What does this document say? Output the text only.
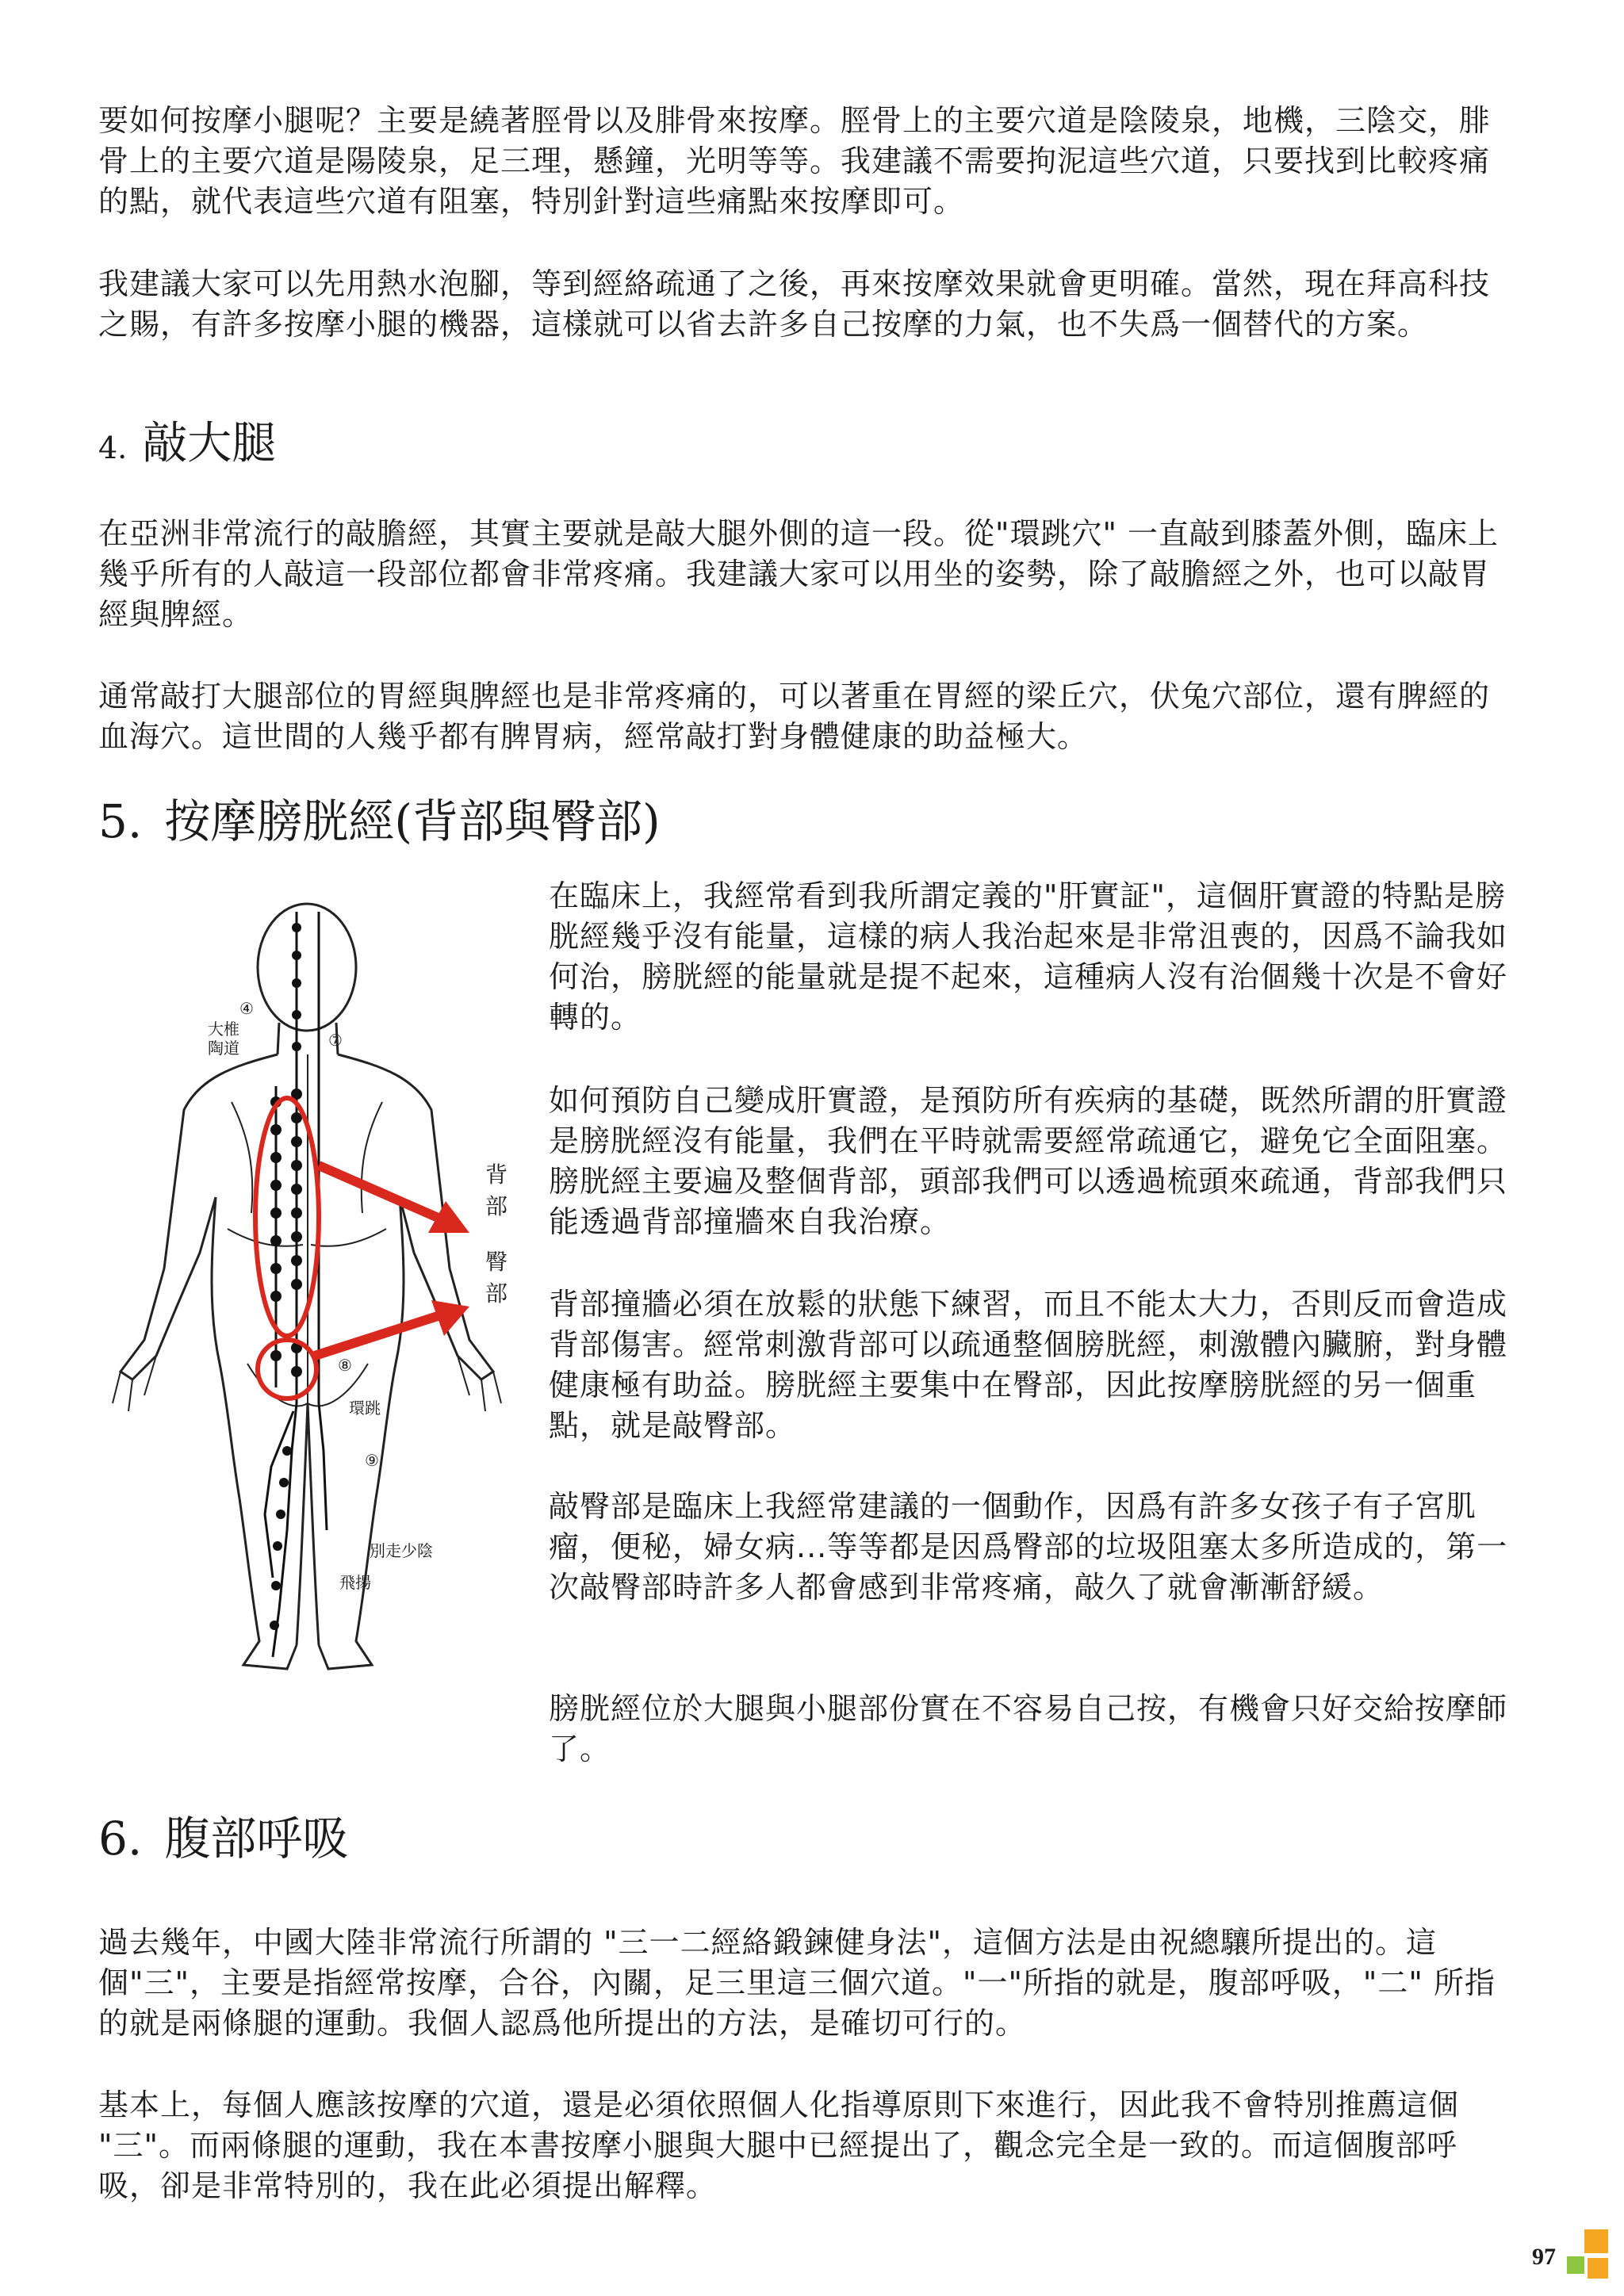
要如何按摩小腿呢？主要是繞著脛骨以及腓骨來按摩。脛骨上的主要穴道是陰陵泉，地機，三陰交，腓骨上的主要穴道是陽陵泉，足三理，懸鐘，光明等等。我建議不需要拘泥這些穴道，只要找到比較疼痛的點，就代表這些穴道有阻塞，特別針對這些痛點來按摩即可。

我建議大家可以先用熱水泡腳，等到經絡疏通了之後，再來按摩效果就會更明確。當然，現在拜高科技之賜，有許多按摩小腿的機器，這樣就可以省去許多自己按摩的力氣，也不失爲一個替代的方案。

4. 敲大腿

在亞洲非常流行的敲膽經，其實主要就是敲大腿外側的這一段。從"環跳穴" 一直敲到膝蓋外側，臨床上幾乎所有的人敲這一段部位都會非常疼痛。我建議大家可以用坐的姿勢，除了敲膽經之外，也可以敲胃經與脾經。

通常敲打大腿部位的胃經與脾經也是非常疼痛的，可以著重在胃經的梁丘穴，伏兔穴部位，還有脾經的血海穴。這世間的人幾乎都有脾胃病，經常敲打對身體健康的助益極大。

5. 按摩膀胱經(背部與臀部)
背部
臀部
大椎
陶道
④
⑦
⑧
環跳
⑨
別走少陰
飛揚

在臨床上，我經常看到我所謂定義的"肝實証"，這個肝實證的特點是膀胱經幾乎沒有能量，這樣的病人我治起來是非常沮喪的，因爲不論我如何治，膀胱經的能量就是提不起來，這種病人沒有治個幾十次是不會好轉的。

如何預防自己變成肝實證，是預防所有疾病的基礎，既然所謂的肝實證是膀胱經沒有能量，我們在平時就需要經常疏通它，避免它全面阻塞。膀胱經主要遍及整個背部，頭部我們可以透過梳頭來疏通，背部我們只能透過背部撞牆來自我治療。

背部撞牆必須在放鬆的狀態下練習，而且不能太大力，否則反而會造成背部傷害。經常刺激背部可以疏通整個膀胱經，刺激體內臟腑，對身體健康極有助益。膀胱經主要集中在臀部，因此按摩膀胱經的另一個重點，就是敲臀部。

敲臀部是臨床上我經常建議的一個動作，因爲有許多女孩子有子宮肌瘤，便秘，婦女病...等等都是因爲臀部的垃圾阻塞太多所造成的，第一次敲臀部時許多人都會感到非常疼痛，敲久了就會漸漸舒緩。

膀胱經位於大腿與小腿部份實在不容易自己按，有機會只好交給按摩師了。

6. 腹部呼吸

過去幾年，中國大陸非常流行所謂的 "三一二經絡鍛鍊健身法"，這個方法是由祝總驤所提出的。這個"三"，主要是指經常按摩，合谷，內關，足三里這三個穴道。"一"所指的就是，腹部呼吸，"二" 所指的就是兩條腿的運動。我個人認爲他所提出的方法，是確切可行的。

基本上，每個人應該按摩的穴道，還是必須依照個人化指導原則下來進行，因此我不會特別推薦這個 "三"。而兩條腿的運動，我在本書按摩小腿與大腿中已經提出了，觀念完全是一致的。而這個腹部呼吸，卻是非常特別的，我在此必須提出解釋。

97
